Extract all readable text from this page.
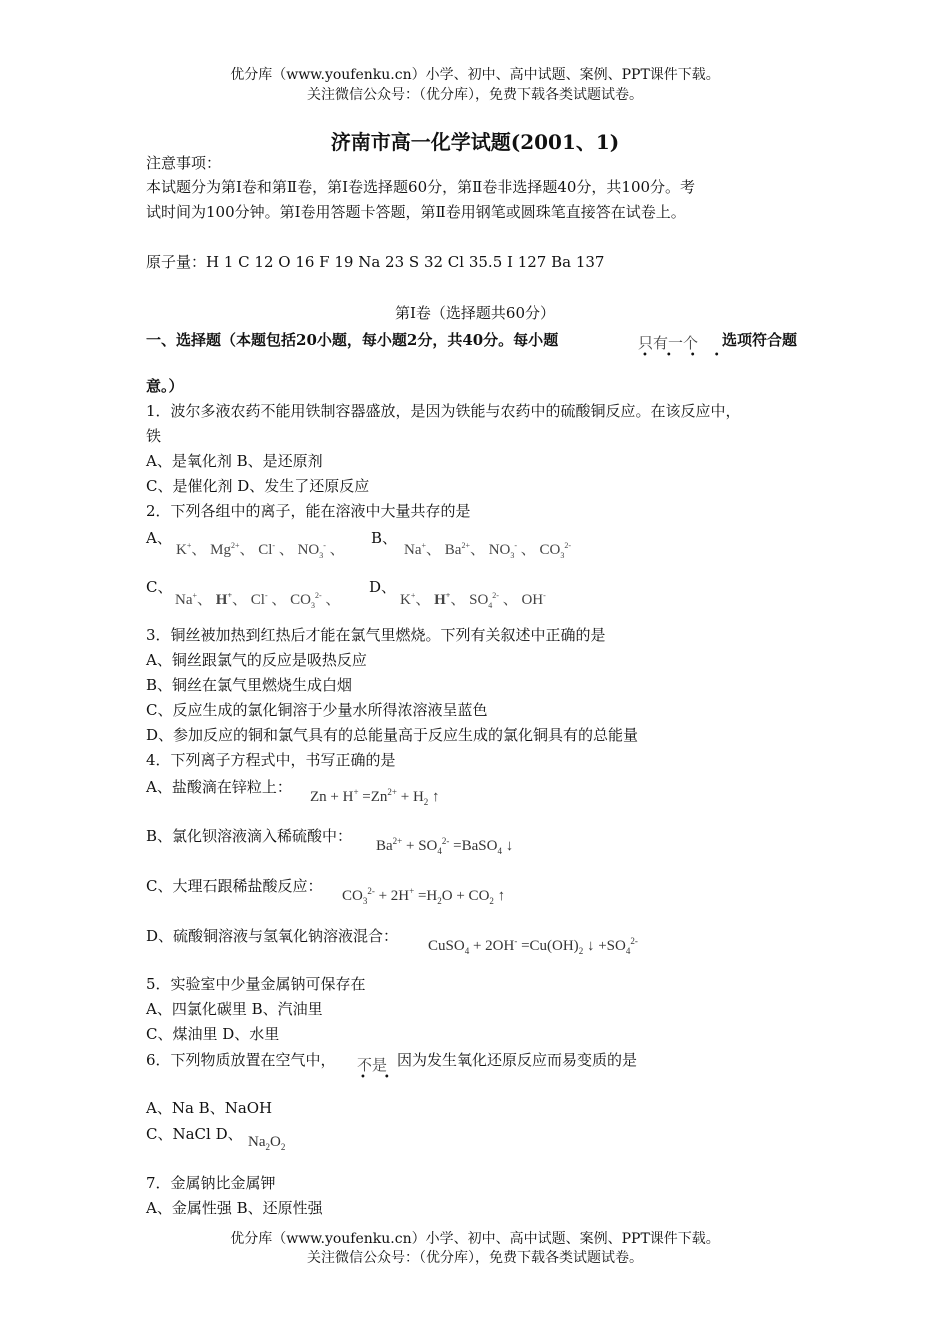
优分库（www.youfenku.cn）小学、初中、高中试题、案例、PPT课件下载。
关注微信公众号：（优分库），免费下载各类试题试卷。
济南市高一化学试题(2001、1)
注意事项：
本试题分为第Ⅰ卷和第Ⅱ卷，第Ⅰ卷选择题60分，第Ⅱ卷非选择题40分，共100分。考
试时间为100分钟。第Ⅰ卷用答题卡答题，第Ⅱ卷用钢笔或圆珠笔直接答在试卷上。
原子量：H 1 C 12 O 16 F 19 Na 23 S 32 Cl 35.5 I 127 Ba 137
第Ⅰ卷（选择题共60分）
一、选择题（本题包括20小题，每小题2分，共40分。每小题	只有一个
••••
选项符合题
意。）
1．波尔多液农药不能用铁制容器盛放，是因为铁能与农药中的硫酸铜反应。在该反应中，
铁
A、是氧化剂 B、是还原剂
C、是催化剂 D、发生了还原反应
2．下列各组中的离子，能在溶液中大量共存的是
A、
K+、 $Mg^{2+}$、 Cl- 、 $NO_3^-$ 、
B、
Na+、 $Ba^{2+}$、 $NO_3^-$ 、 $CO_3^{2-}$
C、
Na+、 H+、 Cl- 、 $CO_3^{2-}$ 、
D、
K+、 H+、 $SO_4^{2-}$ 、 OH-
3．铜丝被加热到红热后才能在氯气里燃烧。下列有关叙述中正确的是
A、铜丝跟氯气的反应是吸热反应
B、铜丝在氯气里燃烧生成白烟
C、反应生成的氯化铜溶于少量水所得浓溶液呈蓝色
D、参加反应的铜和氯气具有的总能量高于反应生成的氯化铜具有的总能量
4．下列离子方程式中，书写正确的是
A、盐酸滴在锌粒上：
$Zn + H^+ =Zn^{2+} + H_2$ ↑
B、氯化钡溶液滴入稀硫酸中：
$Ba^{2+} + SO_4^{2-}$ =BaSO$_4$ ↓
C、大理石跟稀盐酸反应：
$CO_3^{2-} + 2H^+ =H_2O + CO_2$ ↑
D、硫酸铜溶液与氢氧化钠溶液混合：
CuSO$_4$ + $2OH^- =Cu(OH)_2$ ↓ $+SO_4^{2-}$
5．实验室中少量金属钠可保存在
A、四氯化碳里 B、汽油里
C、煤油里 D、水里
6．下列物质放置在空气中， 不是
••
因为发生氧化还原反应而易变质的是
A、Na B、NaOH
C、NaCl D、 $Na_2O_2$
7．金属钠比金属钾
A、金属性强 B、还原性强
优分库（www.youfenku.cn）小学、初中、高中试题、案例、PPT课件下载。
关注微信公众号：（优分库），免费下载各类试题试卷。
